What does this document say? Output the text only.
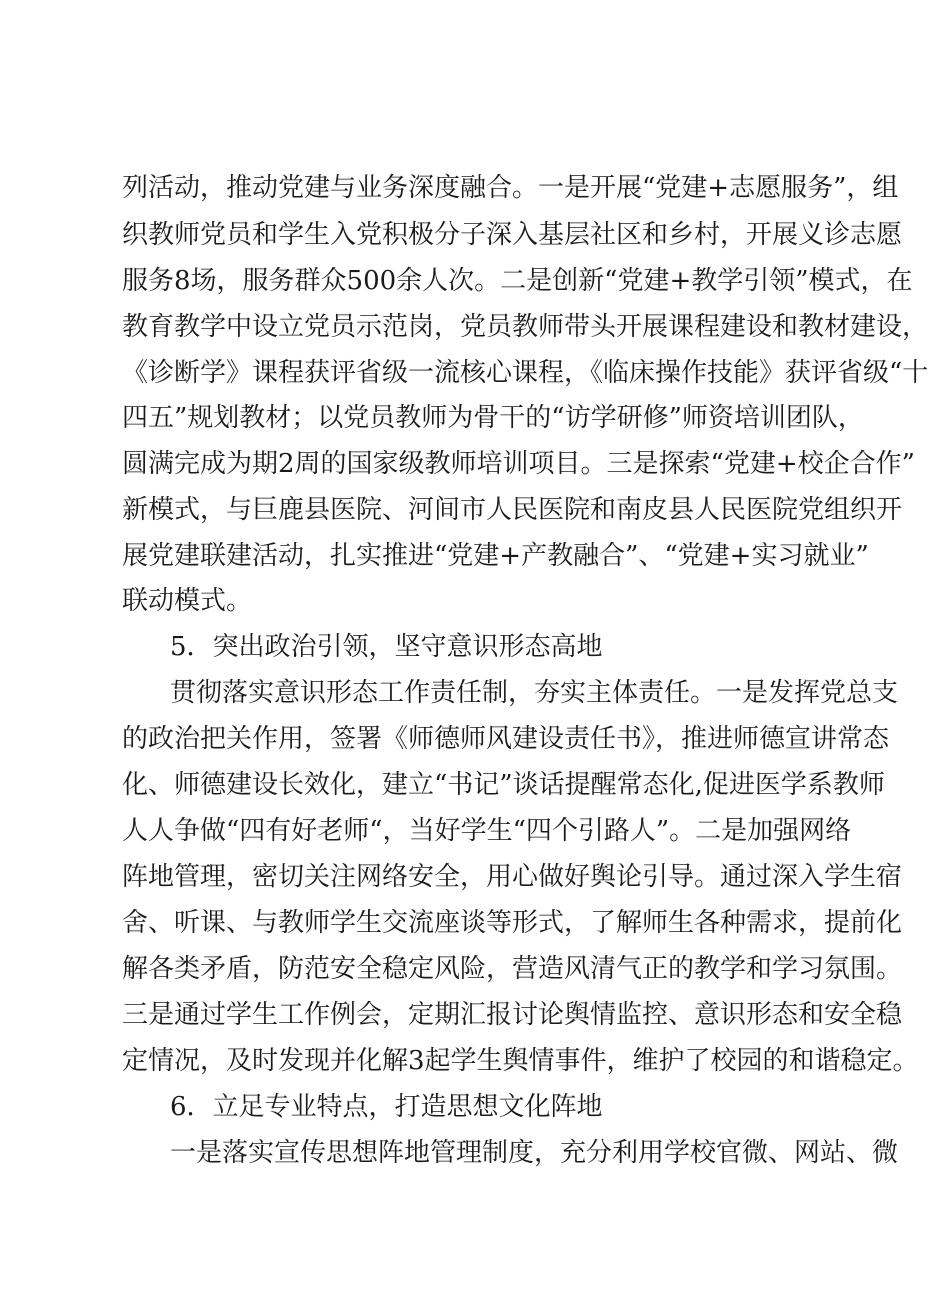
列活动，推动党建与业务深度融合。一是开展“党建+志愿服务”，组
织教师党员和学生入党积极分子深入基层社区和乡村，开展义诊志愿
服务8场，服务群众500余人次。二是创新“党建+教学引领”模式，在
教育教学中设立党员示范岗，党员教师带头开展课程建设和教材建设，
《诊断学》课程获评省级一流核心课程，《临床操作技能》获评省级“十
四五”规划教材；以党员教师为骨干的“访学研修”师资培训团队，
圆满完成为期2周的国家级教师培训项目。三是探索“党建+校企合作”
新模式，与巨鹿县医院、河间市人民医院和南皮县人民医院党组织开
展党建联建活动，扎实推进“党建+产教融合”、“党建+实习就业”
联动模式。
5．突出政治引领，坚守意识形态高地
贯彻落实意识形态工作责任制，夯实主体责任。一是发挥党总支
的政治把关作用，签署《师德师风建设责任书》，推进师德宣讲常态
化、师德建设长效化，建立“书记”谈话提醒常态化,促进医学系教师
人人争做“四有好老师“，当好学生“四个引路人”。二是加强网络
阵地管理，密切关注网络安全，用心做好舆论引导。通过深入学生宿
舍、听课、与教师学生交流座谈等形式，了解师生各种需求，提前化
解各类矛盾，防范安全稳定风险，营造风清气正的教学和学习氛围。
三是通过学生工作例会，定期汇报讨论舆情监控、意识形态和安全稳
定情况，及时发现并化解3起学生舆情事件，维护了校园的和谐稳定。
6．立足专业特点，打造思想文化阵地
一是落实宣传思想阵地管理制度，充分利用学校官微、网站、微
